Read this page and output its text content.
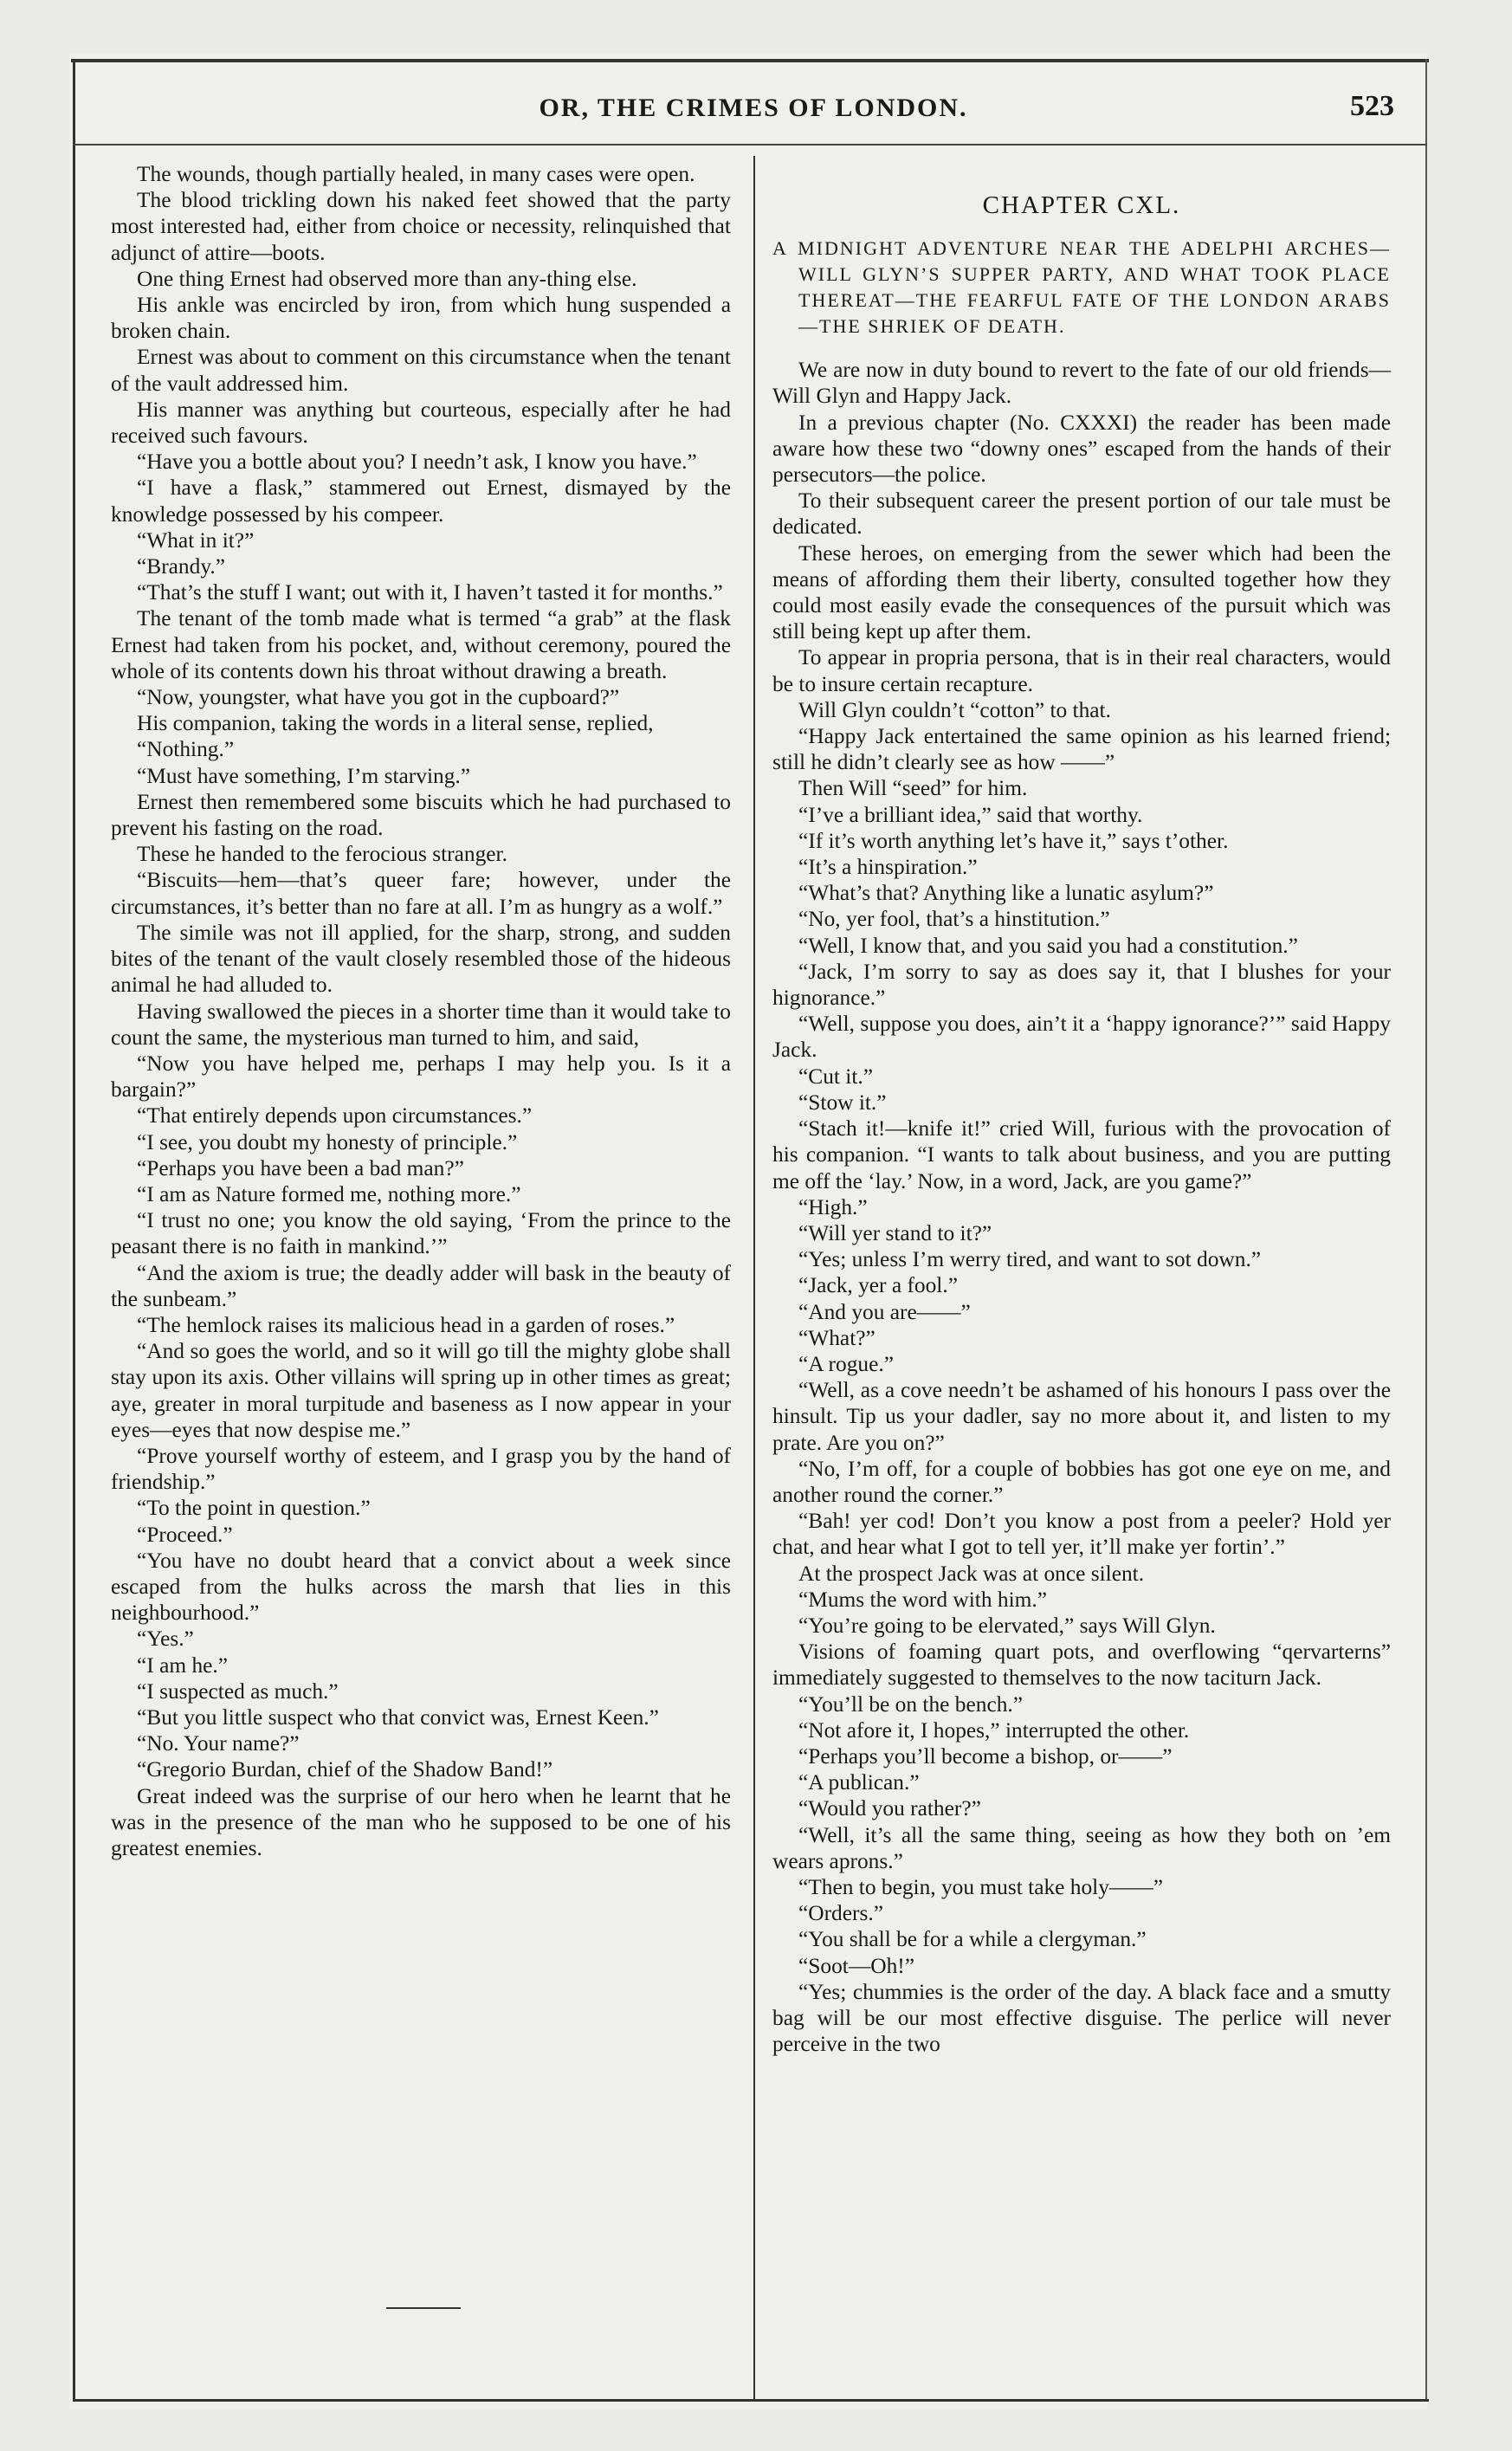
OR, THE CRIMES OF LONDON.	523

The wounds, though partially healed, in many cases were open.

The blood trickling down his naked feet showed that the party most interested had, either from choice or necessity, relinquished that adjunct of attire—boots.

One thing Ernest had observed more than any-thing else.

His ankle was encircled by iron, from which hung suspended a broken chain.

Ernest was about to comment on this circumstance when the tenant of the vault addressed him.

His manner was anything but courteous, especially after he had received such favours.

“Have you a bottle about you? I needn’t ask, I know you have.”

“I have a flask,” stammered out Ernest, dismayed by the knowledge possessed by his compeer.

“What in it?”

“Brandy.”

“That’s the stuff I want; out with it, I haven’t tasted it for months.”

The tenant of the tomb made what is termed “a grab” at the flask Ernest had taken from his pocket, and, without ceremony, poured the whole of its contents down his throat without drawing a breath.

“Now, youngster, what have you got in the cupboard?”

His companion, taking the words in a literal sense, replied,

“Nothing.”

“Must have something, I’m starving.”

Ernest then remembered some biscuits which he had purchased to prevent his fasting on the road.

These he handed to the ferocious stranger.

“Biscuits—hem—that’s queer fare; however, under the circumstances, it’s better than no fare at all. I’m as hungry as a wolf.”

The simile was not ill applied, for the sharp, strong, and sudden bites of the tenant of the vault closely resembled those of the hideous animal he had alluded to.

Having swallowed the pieces in a shorter time than it would take to count the same, the mysterious man turned to him, and said,

“Now you have helped me, perhaps I may help you. Is it a bargain?”

“That entirely depends upon circumstances.”

“I see, you doubt my honesty of principle.”

“Perhaps you have been a bad man?”

“I am as Nature formed me, nothing more.”

“I trust no one; you know the old saying, ‘From the prince to the peasant there is no faith in mankind.’”

“And the axiom is true; the deadly adder will bask in the beauty of the sunbeam.”

“The hemlock raises its malicious head in a garden of roses.”

“And so goes the world, and so it will go till the mighty globe shall stay upon its axis. Other villains will spring up in other times as great; aye, greater in moral turpitude and baseness as I now appear in your eyes—eyes that now despise me.”

“Prove yourself worthy of esteem, and I grasp you by the hand of friendship.”

“To the point in question.”

“Proceed.”

“You have no doubt heard that a convict about a week since escaped from the hulks across the marsh that lies in this neighbourhood.”

“Yes.”

“I am he.”

“I suspected as much.”

“But you little suspect who that convict was, Ernest Keen.”

“No. Your name?”

“Gregorio Burdan, chief of the Shadow Band!”

Great indeed was the surprise of our hero when he learnt that he was in the presence of the man who he supposed to be one of his greatest enemies.

CHAPTER CXL.
A MIDNIGHT ADVENTURE NEAR THE ADELPHI ARCHES—WILL GLYN’S SUPPER PARTY, AND WHAT TOOK PLACE THEREAT—THE FEARFUL FATE OF THE LONDON ARABS—THE SHRIEK OF DEATH.

We are now in duty bound to revert to the fate of our old friends—Will Glyn and Happy Jack.

In a previous chapter (No. CXXXI) the reader has been made aware how these two “downy ones” escaped from the hands of their persecutors—the police.

To their subsequent career the present portion of our tale must be dedicated.

These heroes, on emerging from the sewer which had been the means of affording them their liberty, consulted together how they could most easily evade the consequences of the pursuit which was still being kept up after them.

To appear in propria persona, that is in their real characters, would be to insure certain recapture.

Will Glyn couldn’t “cotton” to that.

“Happy Jack entertained the same opinion as his learned friend; still he didn’t clearly see as how ——”

Then Will “seed” for him.

“I’ve a brilliant idea,” said that worthy.

“If it’s worth anything let’s have it,” says t’other.

“It’s a hinspiration.”

“What’s that? Anything like a lunatic asylum?”

“No, yer fool, that’s a hinstitution.”

“Well, I know that, and you said you had a constitution.”

“Jack, I’m sorry to say as does say it, that I blushes for your hignorance.”

“Well, suppose you does, ain’t it a ‘happy ignorance?’” said Happy Jack.

“Cut it.”

“Stow it.”

“Stach it!—knife it!” cried Will, furious with the provocation of his companion. “I wants to talk about business, and you are putting me off the ‘lay.’ Now, in a word, Jack, are you game?”

“High.”

“Will yer stand to it?”

“Yes; unless I’m werry tired, and want to sot down.”

“Jack, yer a fool.”

“And you are——”

“What?”

“A rogue.”

“Well, as a cove needn’t be ashamed of his honours I pass over the hinsult. Tip us your dadler, say no more about it, and listen to my prate. Are you on?”

“No, I’m off, for a couple of bobbies has got one eye on me, and another round the corner.”

“Bah! yer cod! Don’t you know a post from a peeler? Hold yer chat, and hear what I got to tell yer, it’ll make yer fortin’.”

At the prospect Jack was at once silent.

“Mums the word with him.”

“You’re going to be elervated,” says Will Glyn.

Visions of foaming quart pots, and overflowing “qervarterns” immediately suggested to themselves to the now taciturn Jack.

“You’ll be on the bench.”

“Not afore it, I hopes,” interrupted the other.

“Perhaps you’ll become a bishop, or——”

“A publican.”

“Would you rather?”

“Well, it’s all the same thing, seeing as how they both on ’em wears aprons.”

“Then to begin, you must take holy——”

“Orders.”

“You shall be for a while a clergyman.”

“Soot—Oh!”

“Yes; chummies is the order of the day. A black face and a smutty bag will be our most effective disguise. The perlice will never perceive in the two
